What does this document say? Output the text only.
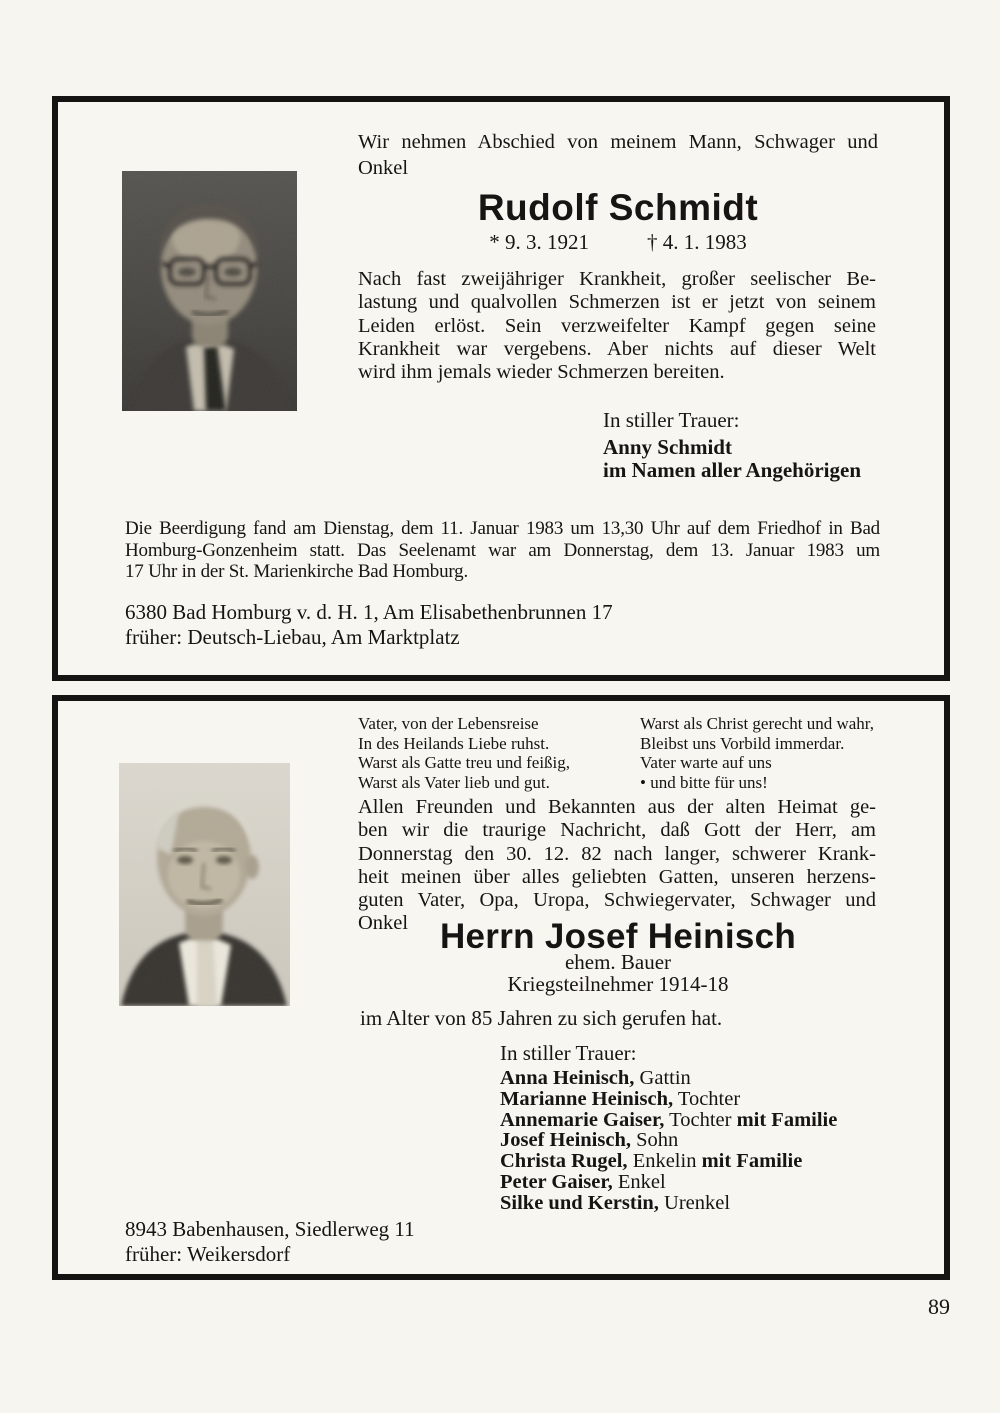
Wir nehmen Abschied von meinem Mann, Schwager und
Onkel
Rudolf Schmidt
* 9. 3. 1921	† 4. 1. 1983
Nach fast zweijähriger Krankheit, großer seelischer Be-
lastung und qualvollen Schmerzen ist er jetzt von seinem
Leiden erlöst. Sein verzweifelter Kampf gegen seine
Krankheit war vergebens. Aber nichts auf dieser Welt
wird ihm jemals wieder Schmerzen bereiten.
In stiller Trauer:
Anny Schmidt
im Namen aller Angehörigen
Die Beerdigung fand am Dienstag, dem 11. Januar 1983 um 13,30 Uhr auf dem Friedhof in Bad
Homburg-Gonzenheim statt. Das Seelenamt war am Donnerstag, dem 13. Januar 1983 um
17 Uhr in der St. Marienkirche Bad Homburg.
6380 Bad Homburg v. d. H. 1, Am Elisabethenbrunnen 17
früher: Deutsch-Liebau, Am Marktplatz
Vater, von der Lebensreise
In des Heilands Liebe ruhst.
Warst als Gatte treu und feißig,
Warst als Vater lieb und gut.
Warst als Christ gerecht und wahr,
Bleibst uns Vorbild immerdar.
Vater warte auf uns
• und bitte für uns!
Allen Freunden und Bekannten aus der alten Heimat ge-
ben wir die traurige Nachricht, daß Gott der Herr, am
Donnerstag den 30. 12. 82 nach langer, schwerer Krank-
heit meinen über alles geliebten Gatten, unseren herzens-
guten Vater, Opa, Uropa, Schwiegervater, Schwager und
Onkel Herrn Josef Heinisch
ehem. Bauer
Kriegsteilnehmer 1914-18
im Alter von 85 Jahren zu sich gerufen hat.
In stiller Trauer:
Anna Heinisch, Gattin
Marianne Heinisch, Tochter
Annemarie Gaiser, Tochter mit Familie
Josef Heinisch, Sohn
Christa Rugel, Enkelin mit Familie
Peter Gaiser, Enkel
Silke und Kerstin, Urenkel
8943 Babenhausen, Siedlerweg 11
früher: Weikersdorf
89
